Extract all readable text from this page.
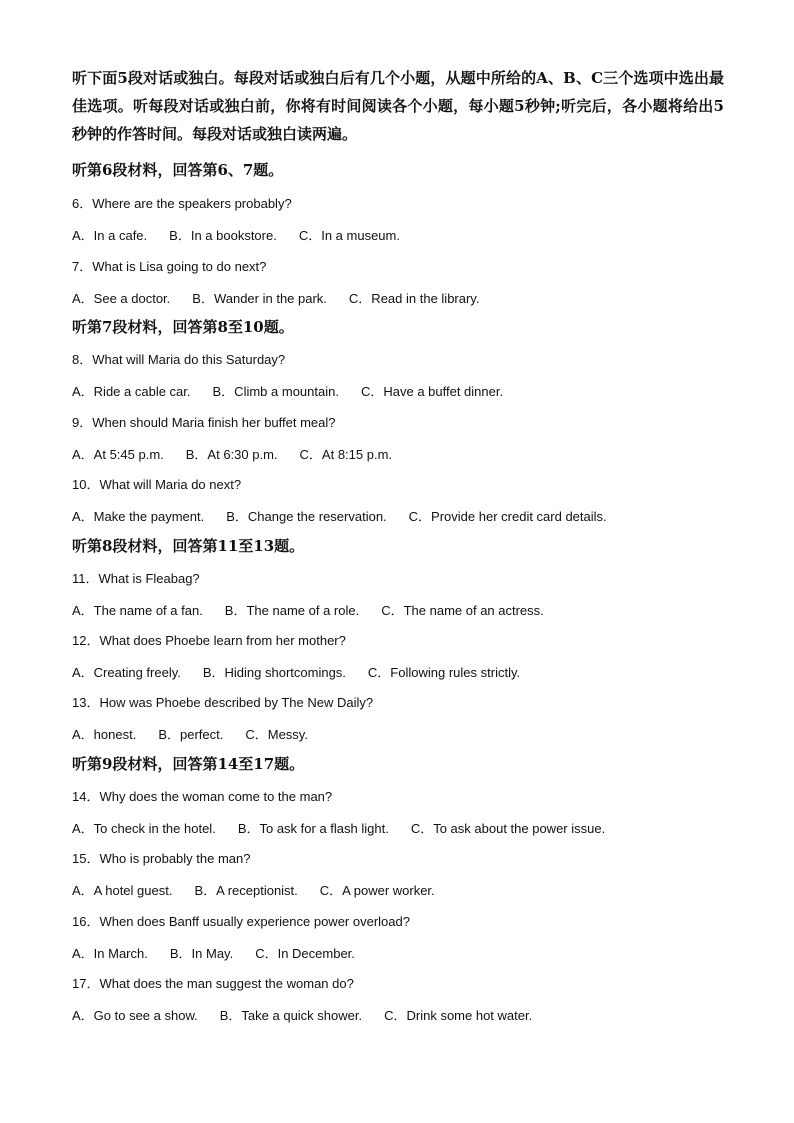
听下面5段对话或独白。每段对话或独白后有几个小题，从题中所给的A、B、C三个选项中选出最佳选项。听每段对话或独白前，你将有时间阅读各个小题，每小题5秒钟;听完后，各小题将给出5秒钟的作答时间。每段对话或独白读两遍。
听第6段材料，回答第6、7题。
6．Where are the speakers probably?
A．In a cafe. B．In a bookstore. C．In a museum.
7．What is Lisa going to do next?
A．See a doctor. B．Wander in the park. C．Read in the library.
听第7段材料，回答第8至10题。
8．What will Maria do this Saturday?
A．Ride a cable car. B．Climb a mountain. C．Have a buffet dinner.
9．When should Maria finish her buffet meal?
A．At 5:45 p.m. B．At 6:30 p.m. C．At 8:15 p.m.
10．What will Maria do next?
A．Make the payment. B．Change the reservation. C．Provide her credit card details.
听第8段材料，回答第11至13题。
11．What is Fleabag?
A．The name of a fan. B．The name of a role. C．The name of an actress.
12．What does Phoebe learn from her mother?
A．Creating freely. B．Hiding shortcomings. C．Following rules strictly.
13．How was Phoebe described by The New Daily?
A．honest. B．perfect. C．Messy.
听第9段材料，回答第14至17题。
14．Why does the woman come to the man?
A．To check in the hotel. B．To ask for a flash light. C．To ask about the power issue.
15．Who is probably the man?
A．A hotel guest. B．A receptionist. C．A power worker.
16．When does Banff usually experience power overload?
A．In March. B．In May. C．In December.
17．What does the man suggest the woman do?
A．Go to see a show. B．Take a quick shower. C．Drink some hot water.
